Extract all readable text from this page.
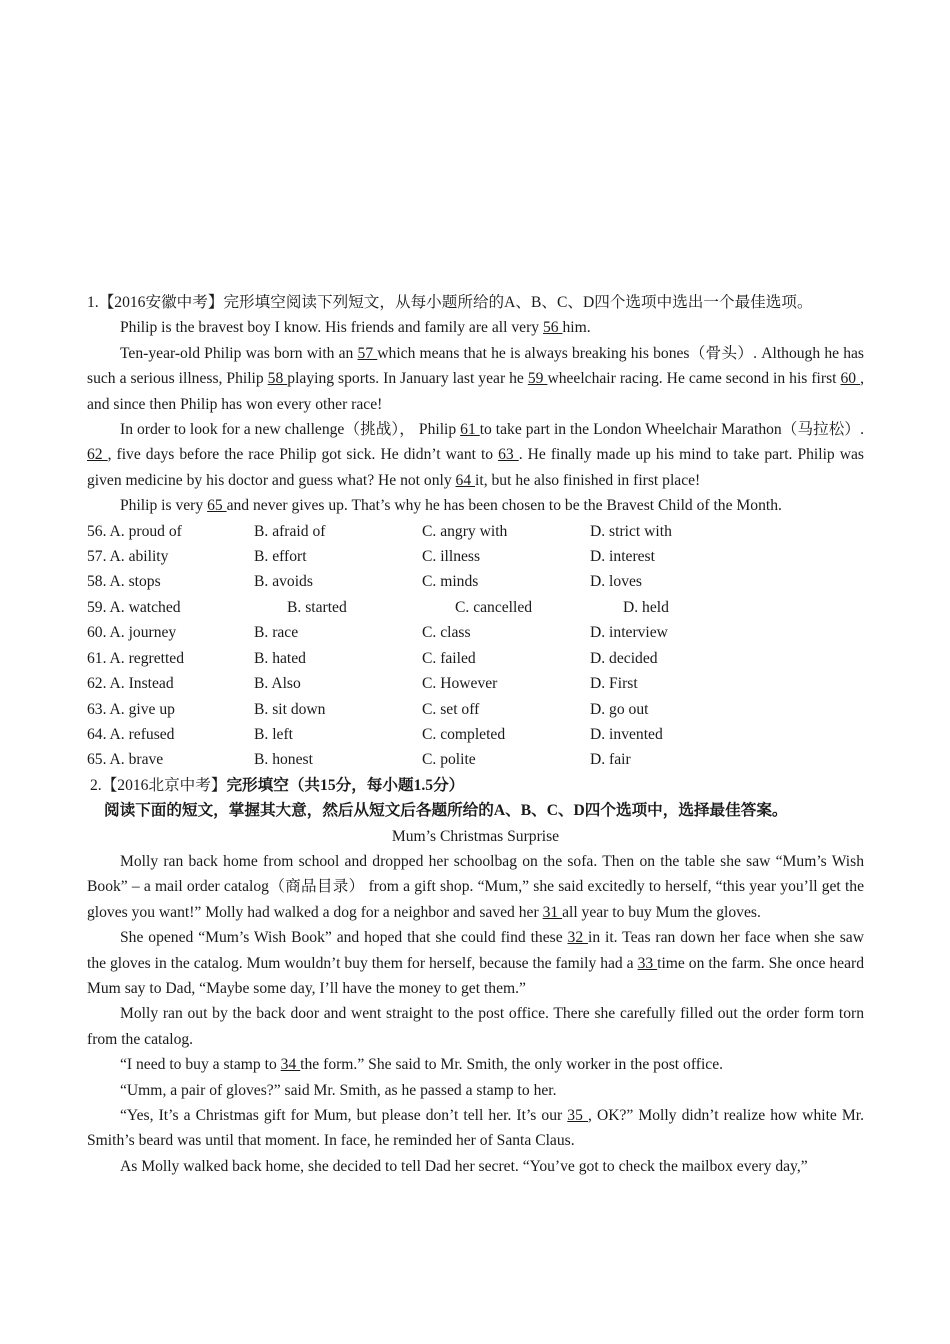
1.【2016安徽中考】完形填空阅读下列短文，从每小题所给的A、B、C、D四个选项中选出一个最佳选项。
Philip is the bravest boy I know. His friends and family are all very 56 him.
Ten-year-old Philip was born with an 57 which means that he is always breaking his bones（骨头）. Although he has such a serious illness, Philip 58 playing sports. In January last year he 59 wheelchair racing. He came second in his first 60 , and since then Philip has won every other race!
In order to look for a new challenge（挑战）， Philip 61 to take part in the London Wheelchair Marathon（马拉松）. 62 , five days before the race Philip got sick. He didn’t want to 63 . He finally made up his mind to take part. Philip was given medicine by his doctor and guess what? He not only 64 it, but he also finished in first place!
Philip is very 65 and never gives up. That’s why he has been chosen to be the Bravest Child of the Month.
56. A. proud of	B. afraid of	C. angry with	D. strict with
57. A. ability	B. effort	C. illness	D. interest
58. A. stops	B. avoids	C. minds	D. loves
59. A. watched	B. started	C. cancelled	D. held
60. A. journey	B. race	C. class	D. interview
61. A. regretted	B. hated	C. failed	D. decided
62. A. Instead	B. Also	C. However	D. First
63. A. give up	B. sit down	C. set off	D. go out
64. A. refused	B. left	C. completed	D. invented
65. A. brave	B. honest	C. polite	D. fair
2.【2016北京中考】完形填空（共15分，每小题1.5分）
阅读下面的短文，掌握其大意，然后从短文后各题所给的A、B、C、D四个选项中，选择最佳答案。
Mum’s Christmas Surprise
Molly ran back home from school and dropped her schoolbag on the sofa. Then on the table she saw “Mum’s Wish Book” – a mail order catalog（商品目录） from a gift shop. “Mum,” she said excitedly to herself, “this year you’ll get the gloves you want!” Molly had walked a dog for a neighbor and saved her 31 all year to buy Mum the gloves.
She opened “Mum’s Wish Book” and hoped that she could find these 32 in it. Teas ran down her face when she saw the gloves in the catalog. Mum wouldn’t buy them for herself, because the family had a 33 time on the farm. She once heard Mum say to Dad, “Maybe some day, I’ll have the money to get them.”
Molly ran out by the back door and went straight to the post office. There she carefully filled out the order form torn from the catalog.
“I need to buy a stamp to 34 the form.” She said to Mr. Smith, the only worker in the post office.
“Umm, a pair of gloves?” said Mr. Smith, as he passed a stamp to her.
“Yes, It’s a Christmas gift for Mum, but please don’t tell her. It’s our 35 , OK?” Molly didn’t realize how white Mr. Smith’s beard was until that moment. In face, he reminded her of Santa Claus.
As Molly walked back home, she decided to tell Dad her secret. “You’ve got to check the mailbox every day,”
